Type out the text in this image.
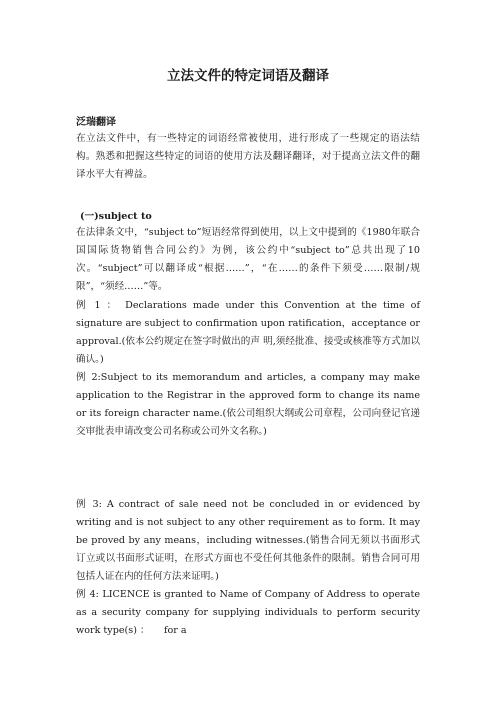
立法文件的特定词语及翻译

泛瑞翻译

在立法文件中，有一些特定的词语经常被使用，进行形成了一些规定的语法结构。熟悉和把握这些特定的词语的使用方法及翻译翻译，对于提高立法文件的翻译水平大有裨益。

(一)subject to

在法律条文中，“subject to”短语经常得到使用，以上文中提到的《1980年联合国国际货物销售合同公约》为例，该公约中“subject to”总共出现了10次。“subject”可以翻译成“根据……”，“在……的条件下须受……限制/规限”，“须经……”等。

例 1 ： Declarations made under this Convention at the time of signature are subject to confirmation upon ratification，acceptance or approval.(依本公约规定在签字时做出的声 明,须经批准、接受或核准等方式加以确认。)

例 2:Subject to its memorandum and articles, a company may make application to the Registrar in the approved form to change its name or its foreign character name.(依公司组织大纲或公司章程，公司向登记官递交审批表申请改变公司名称或公司外文名称。)

例 3: A contract of sale need not be concluded in or evidenced by writing and is not subject to any other requirement as to form. It may be proved by any means，including witnesses.(销售合同无须以书面形式订立或以书面形式证明，在形式方面也不受任何其他条件的限制。销售合同可用包括人证在内的任何方法来证明。)

例 4: LICENCE is granted to Name of Company of Address to operate as a security company for supplying individuals to perform security work type(s) ：　　for a
